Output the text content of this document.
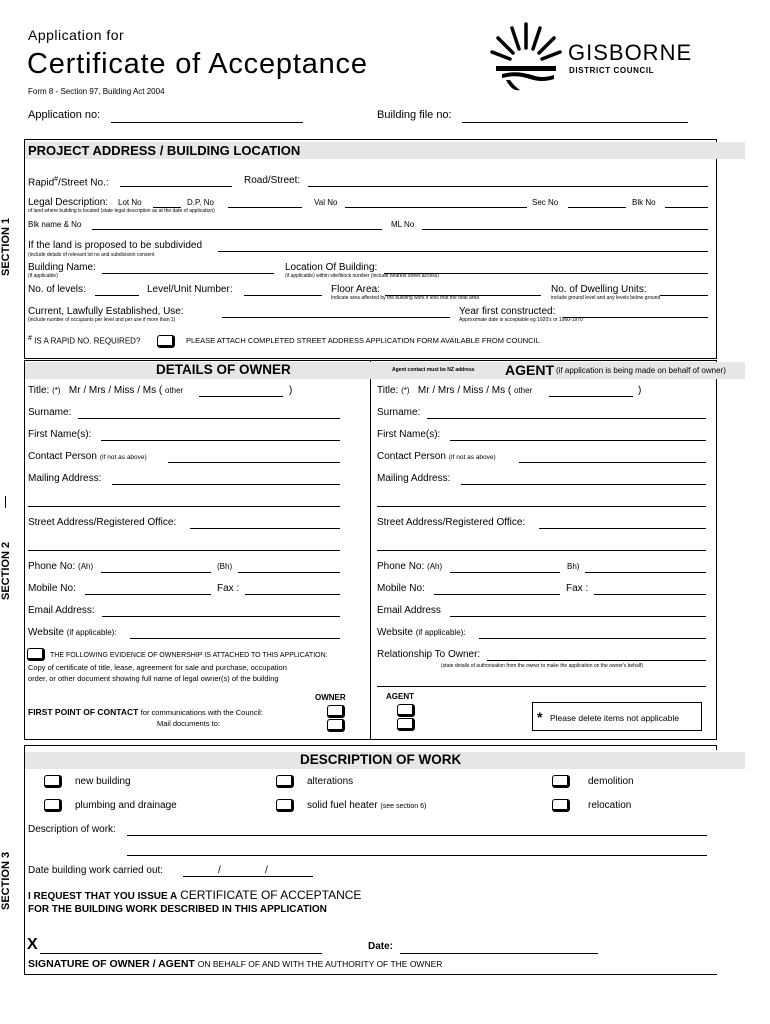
Application for
Certificate of Acceptance
Form 8 - Section 97, Building Act 2004
GISBORNE
DISTRICT COUNCIL
Application no:	Building file no:
SECTION 1
SECTION 2
SECTION 3
PROJECT ADDRESS / BUILDING LOCATION
Rapid#/Street No.:	Road/Street:
Legal Description: Lot No	D.P. No	Val No	Sec No	Blk No
of land where building is located (state legal description as at the date of application)
Blk name & No	ML No
If the land is proposed to be subdivided
(include details of relevant lot no and subdivision consent
Building Name:
(if applicable)
Location Of Building:
(if applicable) within site/block number (include nearest street access)
No. of levels:	Level/Unit Number:	Floor Area:
Indicate area affected by the building work if less that the total area
No. of Dwelling Units:
include ground level and any levels below ground
Current, Lawfully Established, Use:
(include number of occupants per level and per use if more than 1)
Year first constructed:
Approximate date is acceptable eg 1920's or 1960-1970
# IS A RAPID NO. REQUIRED?	PLEASE ATTACH COMPLETED STREET ADDRESS APPLICATION FORM AVAILABLE FROM COUNCIL
DETAILS OF OWNER	Agent contact must be NZ address AGENT (if application is being made on behalf of owner)
Title: (*) Mr / Mrs / Miss / Ms ( other	)
Surname:
First Name(s):
Contact Person (If not as above)
Mailing Address:
Street Address/Registered Office:
Phone No: (Ah)	(Bh)
Mobile No:	Fax :
Email Address:
Website (if applicable):
THE FOLLOWING EVIDENCE OF OWNERSHIP IS ATTACHED TO THIS APPLICATION:
Copy of certificate of title, lease, agreement for sale and purchase, occupation
order, or other document showing full name of legal owner(s) of the building
Title: (*) Mr / Mrs / Miss / Ms ( other	)
Surname:
First Name(s):
Contact Person (If not as above)
Mailing Address:
Street Address/Registered Office:
Phone No: (Ah)	Bh)
Mobile No:	Fax :
Email Address
Website (if applicable):
Relationship To Owner:
(state details of authorisation from the owner to make the application on the owner's behalf)
OWNER	AGENT
FIRST POINT OF CONTACT for communications with the Council:
Mail documents to:	* Please delete items not applicable
DESCRIPTION OF WORK
new building	alterations	demolition
plumbing and drainage	solid fuel heater (see section 6)	relocation
Description of work:
Date building work carried out:	/	/
I REQUEST THAT YOU ISSUE A CERTIFICATE OF ACCEPTANCE
FOR THE BUILDING WORK DESCRIBED IN THIS APPLICATION
X	Date:
SIGNATURE OF OWNER / AGENT ON BEHALF OF AND WITH THE AUTHORITY OF THE OWNER
